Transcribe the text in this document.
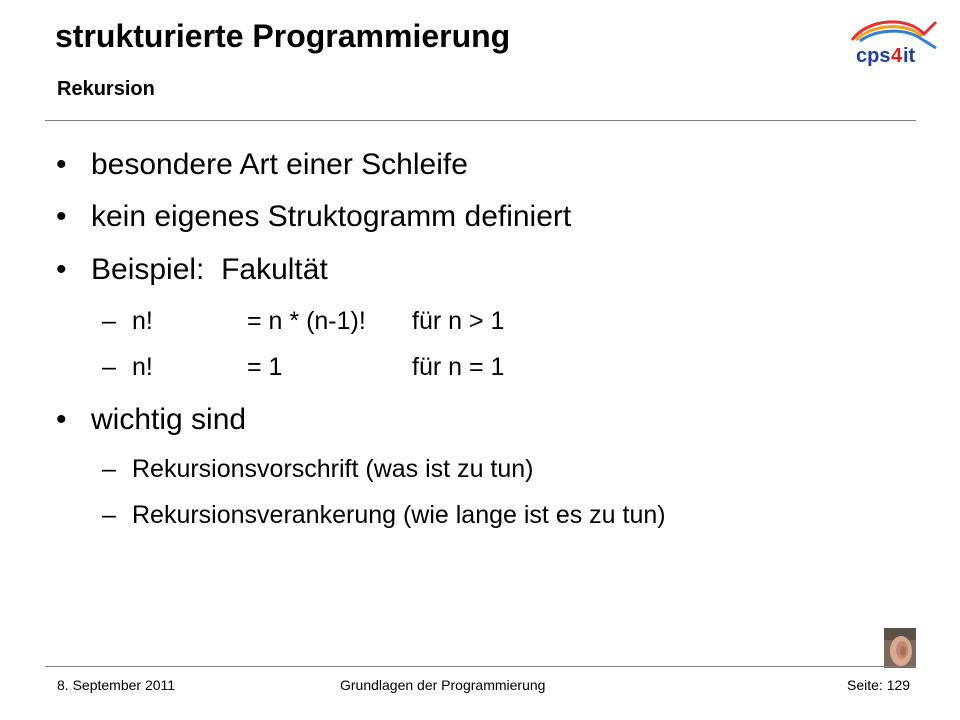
strukturierte Programmierung
Rekursion
cps 4 it
• besondere Art einer Schleife
• kein eigenes Struktogramm definiert
• Beispiel:  Fakultät
– n!	= n * (n-1)! für n > 1
– n!	= 1	für n = 1
• wichtig sind
– Rekursionsvorschrift (was ist zu tun)
– Rekursionsverankerung (wie lange ist es zu tun)
8. September 2011	Grundlagen der Programmierung	Seite: 129
